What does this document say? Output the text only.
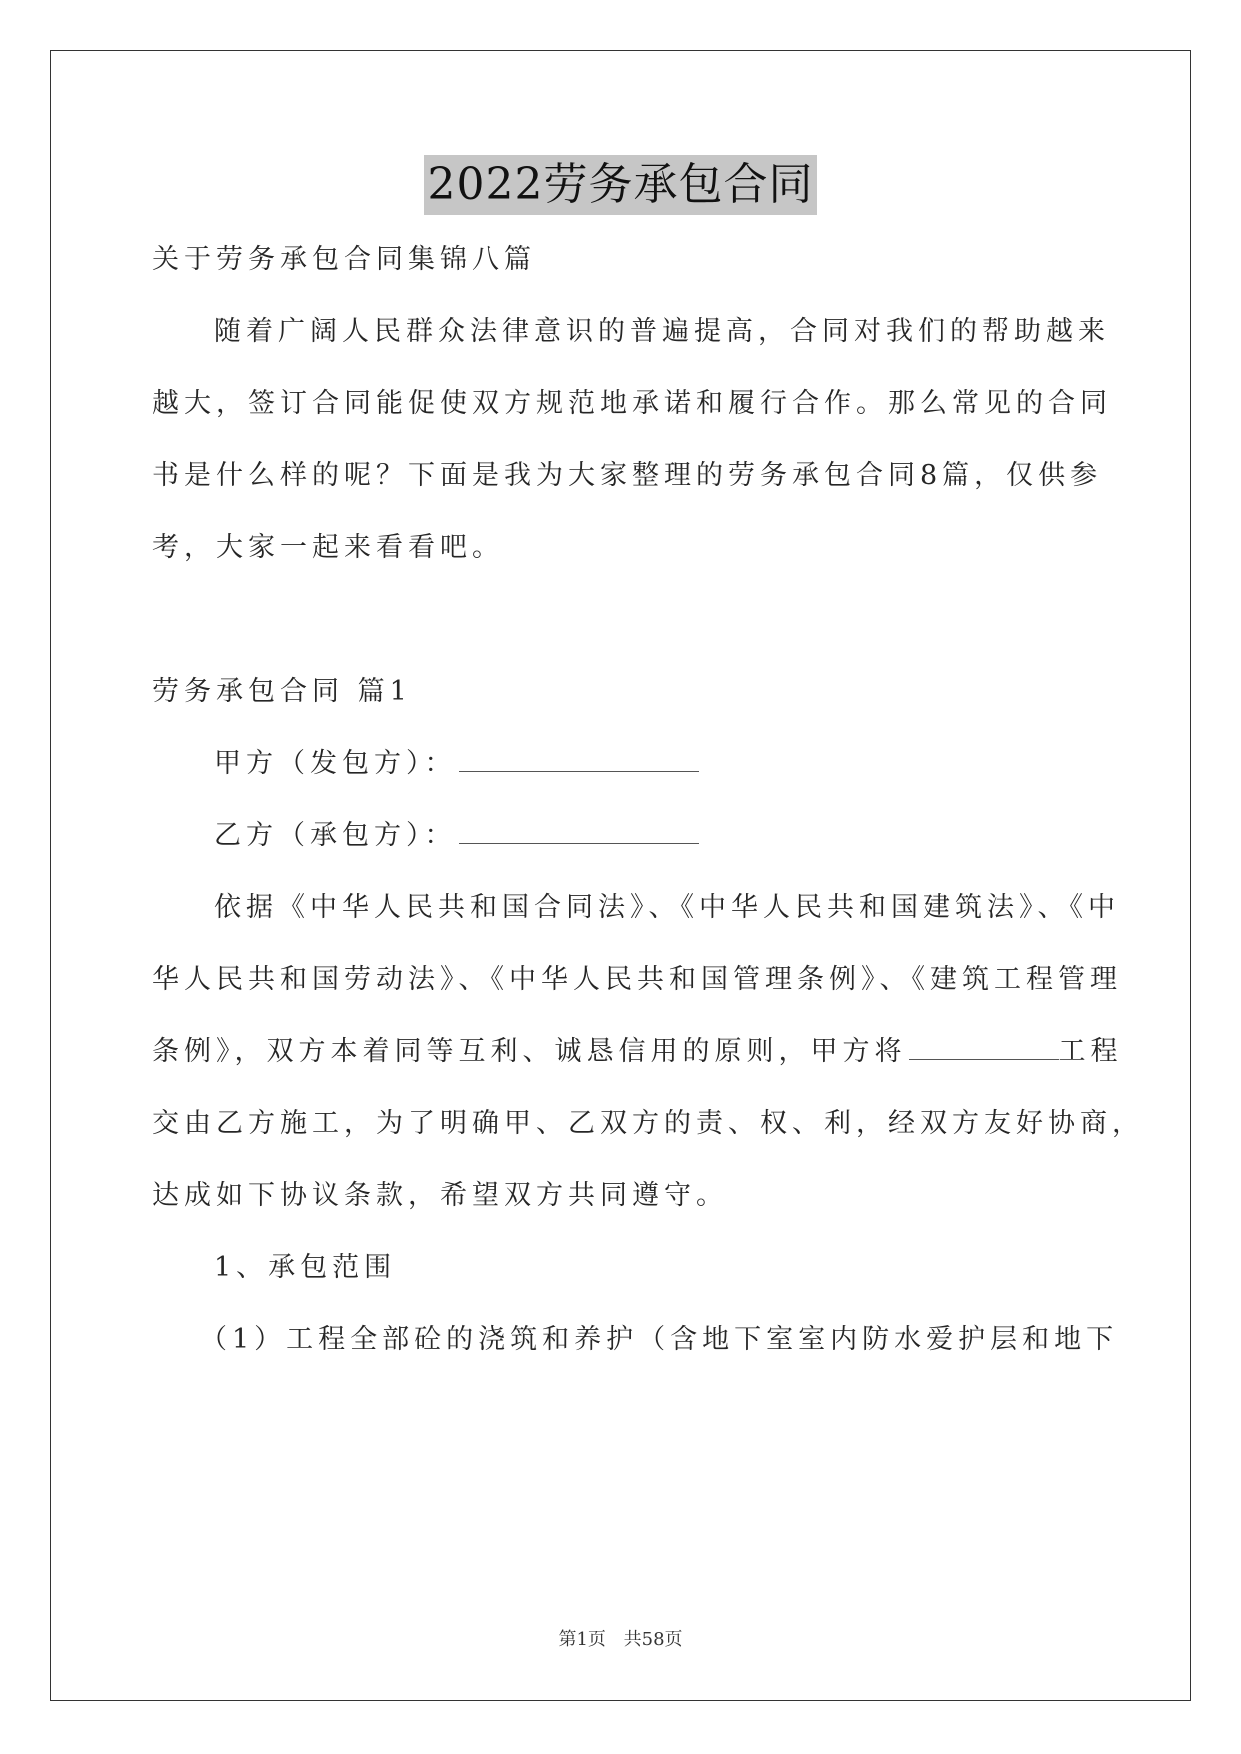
2022劳务承包合同
关于劳务承包合同集锦八篇
随着广阔人民群众法律意识的普遍提高，合同对我们的帮助越来
越大，签订合同能促使双方规范地承诺和履行合作。那么常见的合同
书是什么样的呢？下面是我为大家整理的劳务承包合同8篇，仅供参
考，大家一起来看看吧。
劳务承包合同 篇1
甲方（发包方）：
乙方（承包方）：
依据《中华人民共和国合同法》、《中华人民共和国建筑法》、《中
华人民共和国劳动法》、《中华人民共和国管理条例》、《建筑工程管理
条例》，双方本着同等互利、诚恳信用的原则，甲方将	工程
交由乙方施工，为了明确甲、乙双方的责、权、利，经双方友好协商，
达成如下协议条款，希望双方共同遵守。
1、承包范围
（1）工程全部砼的浇筑和养护（含地下室室内防水爱护层和地下
第1页 共58页
